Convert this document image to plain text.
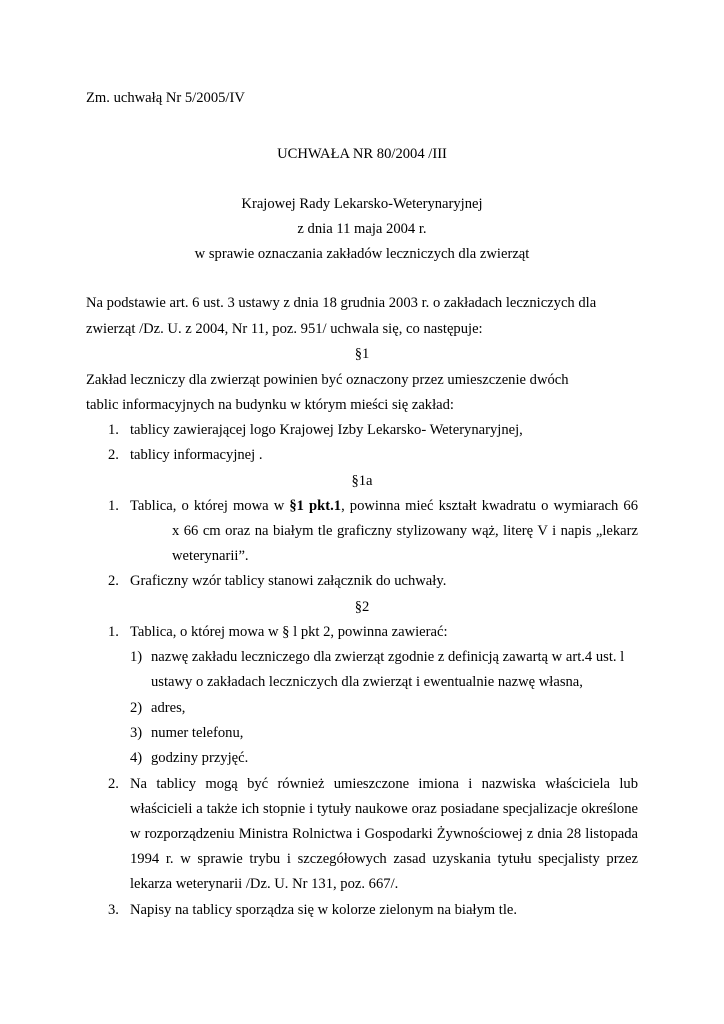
Zm. uchwałą Nr 5/2005/IV
UCHWAŁA NR 80/2004 /III
Krajowej Rady Lekarsko-Weterynaryjnej
z dnia 11 maja 2004 r.
w sprawie oznaczania zakładów leczniczych dla zwierząt
Na podstawie art. 6 ust. 3 ustawy z dnia 18 grudnia 2003 r. o zakładach leczniczych dla
zwierząt /Dz. U. z 2004, Nr 11, poz. 951/ uchwala się, co następuje:
§1
Zakład leczniczy dla zwierząt powinien być oznaczony przez umieszczenie dwóch
tablic informacyjnych na budynku w którym mieści się zakład:
1. tablicy zawierającej logo Krajowej Izby Lekarsko- Weterynaryjnej,
2. tablicy informacyjnej .
§1a
1. Tablica, o której mowa w §1 pkt.1, powinna mieć kształt kwadratu o wymiarach 66
x 66 cm oraz na białym tle graficzny stylizowany wąż, literę V i napis „lekarz
weterynarii”.
2. Graficzny wzór tablicy stanowi załącznik do uchwały.
§2
1. Tablica, o której mowa w § l pkt 2, powinna zawierać:
1) nazwę zakładu leczniczego dla zwierząt zgodnie z definicją zawartą w art.4 ust. l
ustawy o zakładach leczniczych dla zwierząt i ewentualnie nazwę własna,
2) adres,
3) numer telefonu,
4) godziny przyjęć.
2. Na tablicy mogą być również umieszczone imiona i nazwiska właściciela lub
właścicieli a także ich stopnie i tytuły naukowe oraz posiadane specjalizacje określone
w rozporządzeniu Ministra Rolnictwa i Gospodarki Żywnościowej z dnia 28 listopada
1994 r. w sprawie trybu i szczegółowych zasad uzyskania tytułu specjalisty przez
lekarza weterynarii /Dz. U. Nr 131, poz. 667/.
3. Napisy na tablicy sporządza się w kolorze zielonym na białym tle.
